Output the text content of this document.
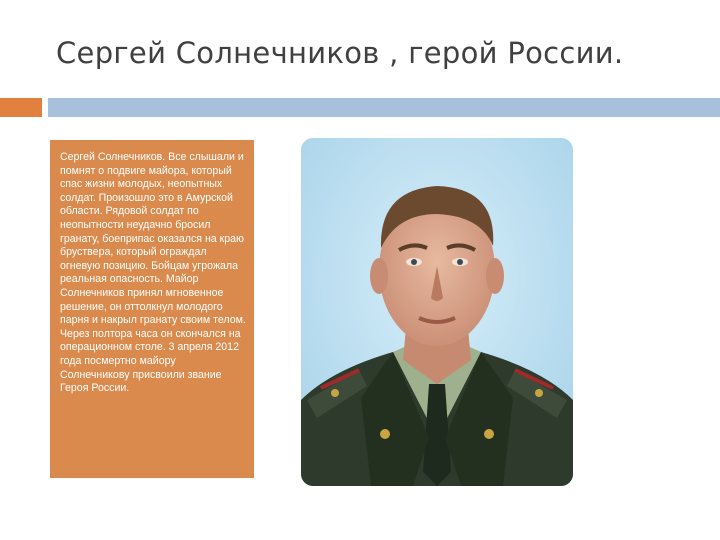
Сергей Солнечников , герой России.

Сергей Солнечников. Все слышали и помнят о подвиге майора, который спас жизни молодых, неопытных солдат. Произошло это в Амурской области. Рядовой солдат по неопытности неудачно бросил гранату, боеприпас оказался на краю бруствера, который ограждал огневую позицию. Бойцам угрожала реальная опасность. Майор Солнечников принял мгновенное решение, он оттолкнул молодого парня и накрыл гранату своим телом. Через полтора часа он скончался на операционном столе. 3 апреля 2012 года посмертно майору Солнечникову присвоили звание Героя России.
